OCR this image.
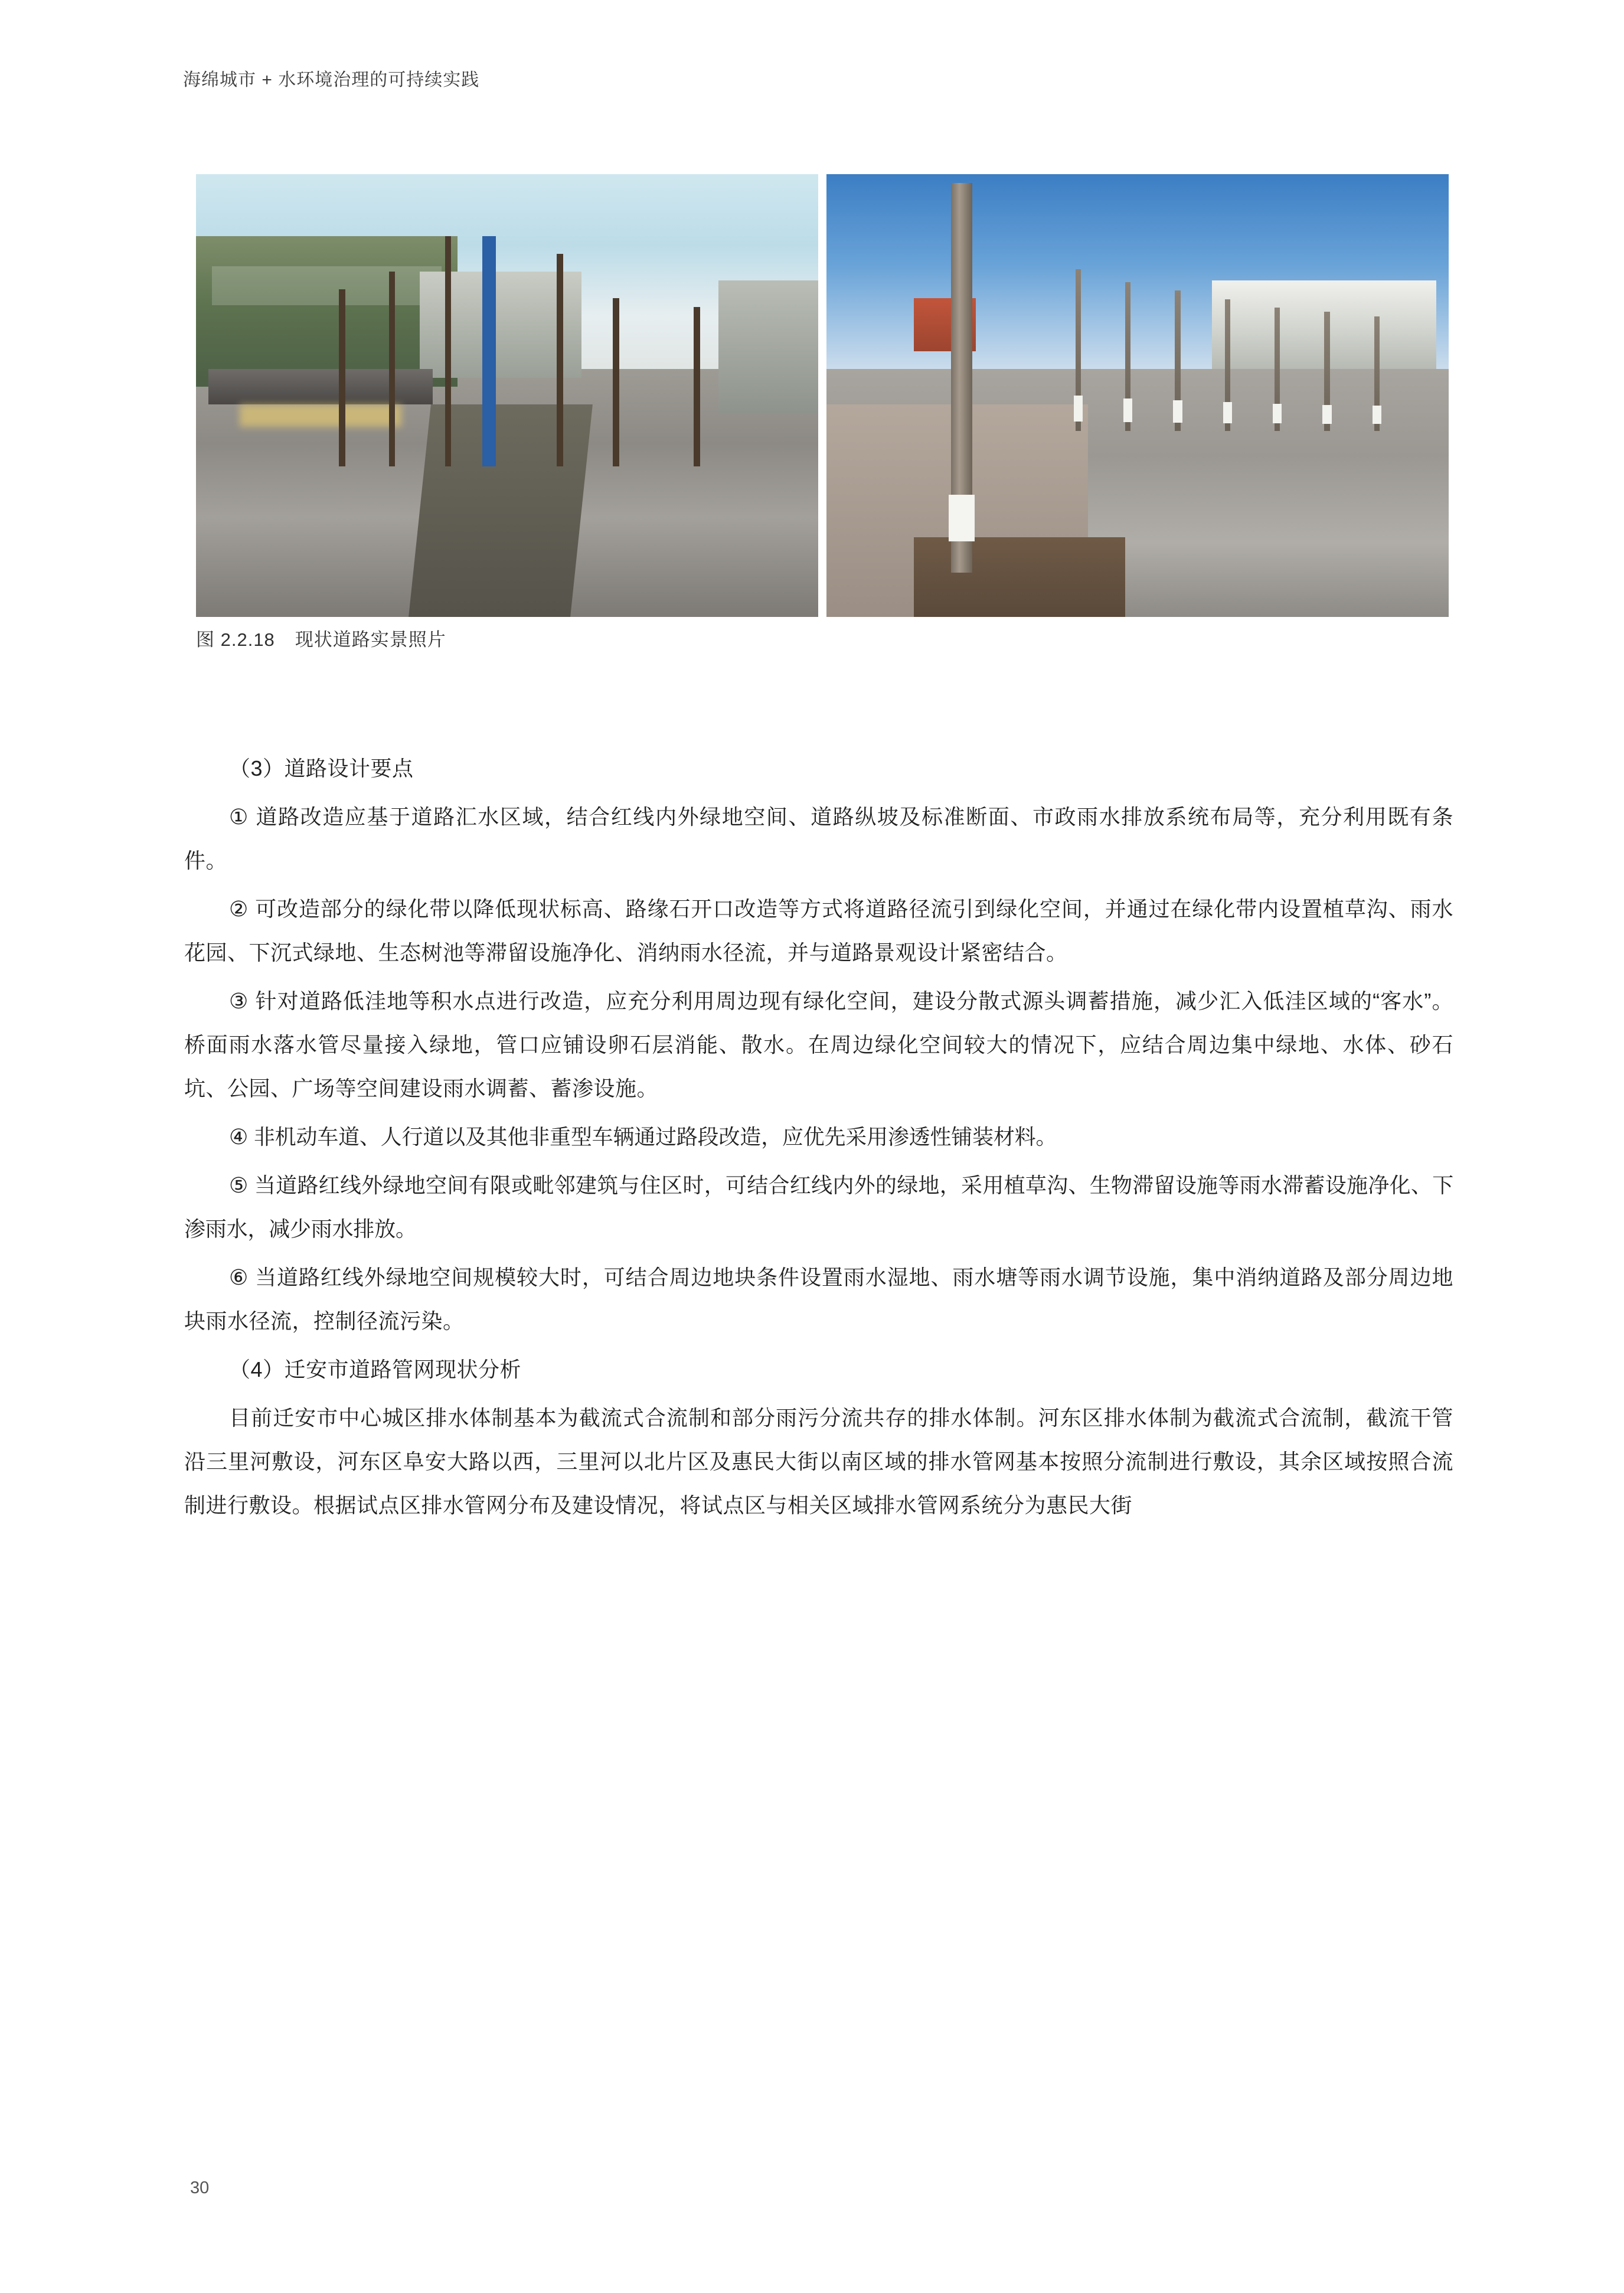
海绵城市 + 水环境治理的可持续实践
图 2.2.18 现状道路实景照片

（3）道路设计要点

① 道路改造应基于道路汇水区域，结合红线内外绿地空间、道路纵坡及标准断面、市政雨水排放系统布局等，充分利用既有条件。

② 可改造部分的绿化带以降低现状标高、路缘石开口改造等方式将道路径流引到绿化空间，并通过在绿化带内设置植草沟、雨水花园、下沉式绿地、生态树池等滞留设施净化、消纳雨水径流，并与道路景观设计紧密结合。

③ 针对道路低洼地等积水点进行改造，应充分利用周边现有绿化空间，建设分散式源头调蓄措施，减少汇入低洼区域的“客水”。桥面雨水落水管尽量接入绿地，管口应铺设卵石层消能、散水。在周边绿化空间较大的情况下，应结合周边集中绿地、水体、砂石坑、公园、广场等空间建设雨水调蓄、蓄渗设施。

④ 非机动车道、人行道以及其他非重型车辆通过路段改造，应优先采用渗透性铺装材料。

⑤ 当道路红线外绿地空间有限或毗邻建筑与住区时，可结合红线内外的绿地，采用植草沟、生物滞留设施等雨水滞蓄设施净化、下渗雨水，减少雨水排放。

⑥ 当道路红线外绿地空间规模较大时，可结合周边地块条件设置雨水湿地、雨水塘等雨水调节设施，集中消纳道路及部分周边地块雨水径流，控制径流污染。

（4）迁安市道路管网现状分析

目前迁安市中心城区排水体制基本为截流式合流制和部分雨污分流共存的排水体制。河东区排水体制为截流式合流制，截流干管沿三里河敷设，河东区阜安大路以西，三里河以北片区及惠民大街以南区域的排水管网基本按照分流制进行敷设，其余区域按照合流制进行敷设。根据试点区排水管网分布及建设情况，将试点区与相关区域排水管网系统分为惠民大街

30
